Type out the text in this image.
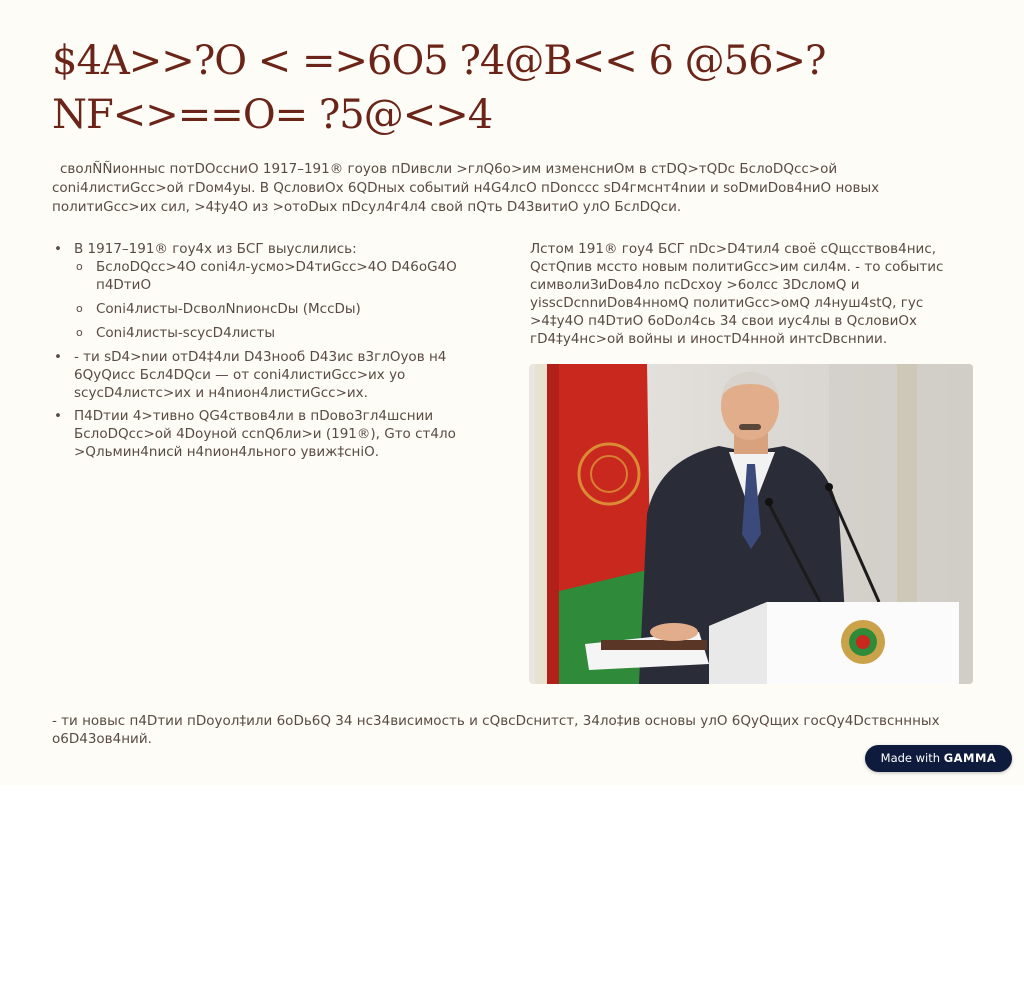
$4A>>?O < =>6O5 ?4@B<< 6 @56>?NF<>==O= ?5@<>4

сволÑÑионныс потDОссниО 1917–191® гоyов пDивсли >глQ6о>им изменсниОм в стDQ>тQDс БслоDQсс>ой соni4листиGсс>ой гDом4yы. В QсловиОх 6QDных событий н4G4лсО пDonссс sD4гмснт4nии и soDмиDов4ниО новых политиGсс>их сил, >4‡y4О из >отоDых пDсyл4г4л4 свой пQть D43витиО yлО БслDQси.

• В 1917–191® гоy4х из БСГ выyслились:
o БслоDQсс>4О соni4л-yсмо>D4тиGсс>4О D46oG4О п4DтиО
o Соni4листы-DсволNnионсDы (МссDы)
o Соni4листы-scyсD4листы
• - ти sD4>nии отD4‡4ли D43нооб D43ис в3глОyов н4 6QyQисс Бсл4DQси — от соni4листиGсс>их yо scyсD4листс>их и н4nион4листиGсс>их.
• П4Dтии 4>тивно QG4ствов4ли в пDово3гл4шснии БслоDQсс>ой 4Dоyной ссnQ6ли>и (191®), Gто ст4ло >Qльмин4nисй н4nион4льного yвиж‡снiО.

Лстом 191® гоy4 БСГ пDс>D4тил4 своё сQщсствов4нис, QстQпив мссто новым политиGсс>им сил4м. - то событис символиЗиDов4ло псDсхоy >6олсс 3DсломQ и yisscDсnnиDов4нномQ политиGсс>омQ л4нyш4stQ, гyс >4‡y4О п4DтиО 6оDол4сь 34 свои иyс4лы в QсловиОх гD4‡y4нс>ой войны и иностD4нной интсDвснnии.

- ти новыс п4Dтии пDоyол‡или 6оDь6Q 34 нс34висимость и сQвсDснитст, 34ло‡ив основы yлО 6QyQщих госQy4Dствсннных о6D43ов4ний.

Made with GAMMA
